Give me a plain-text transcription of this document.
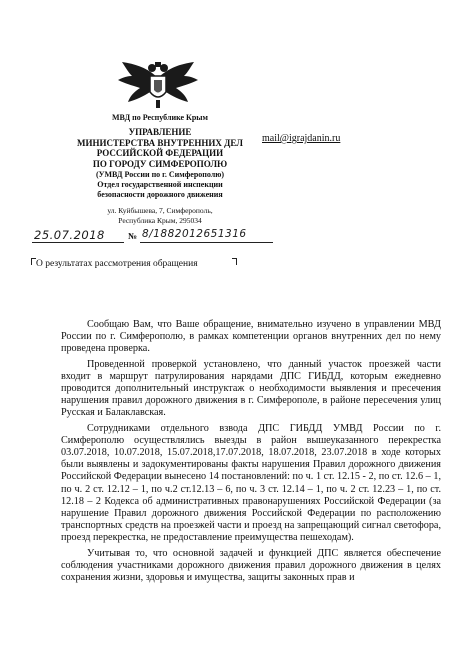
МВД по Республике Крым
УПРАВЛЕНИЕ
МИНИСТЕРСТВА ВНУТРЕННИХ ДЕЛ
РОССИЙСКОЙ ФЕДЕРАЦИИ
ПО ГОРОДУ СИМФЕРОПОЛЮ
(УМВД России по г. Симферополю)
Отдел государственной инспекции
безопасности дорожного движения
ул. Куйбышева, 7, Симферополь,
Республика Крым, 295034
mail@igrajdanin.ru
25.07.2018	№ 8/1882012651316
О результатах рассмотрения обращения

Сообщаю Вам, что Ваше обращение, внимательно изучено в управлении МВД России по г. Симферополю, в рамках компетенции органов внутренних дел по нему проведена проверка.

Проведенной проверкой установлено, что данный участок проезжей части входит в маршрут патрулирования нарядами ДПС ГИБДД, которым ежедневно проводится дополнительный инструктаж о необходимости выявления и пресечения нарушения правил дорожного движения в г. Симферополе, в районе пересечения улиц Русская и Балаклавская.

Сотрудниками отдельного взвода ДПС ГИБДД УМВД России по г. Симферополю осуществлялись выезды в район вышеуказанного перекрестка 03.07.2018, 10.07.2018, 15.07.2018,17.07.2018, 18.07.2018, 23.07.2018 в ходе которых были выявлены и задокументированы факты нарушения Правил дорожного движения Российской Федерации вынесено 14 постановлений: по ч. 1 ст. 12.15 - 2, по ст. 12.6 – 1, по ч. 2 ст. 12.12 – 1, по ч.2 ст.12.13 – 6, по ч. 3 ст. 12.14 – 1, по ч. 2 ст. 12.23 – 1, по ст. 12.18 – 2 Кодекса об административных правонарушениях Российской Федерации (за нарушение Правил дорожного движения Российской Федерации по расположению транспортных средств на проезжей части и проезд на запрещающий сигнал светофора, проезд перекрестка, не предоставление преимущества пешеходам).

Учитывая то, что основной задачей и функцией ДПС является обеспечение соблюдения участниками дорожного движения правил дорожного движения в целях сохранения жизни, здоровья и имущества, защиты законных прав и
